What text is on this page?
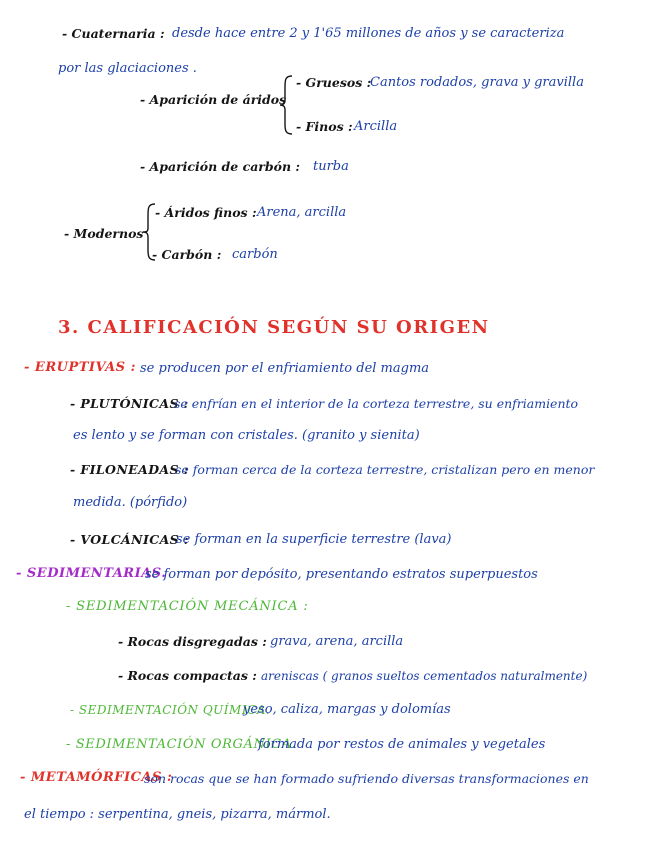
- Cuaternaria : desde hace entre 2 y 1'65 millones de años y se caracteriza
por las glaciaciones .
- Aparición de áridos
- Gruesos :
Cantos rodados, grava y gravilla
- Finos : Arcilla
- Aparición de carbón : turba
- Modernos
- Áridos finos : Arena, arcilla
- Carbón : carbón
3. CALIFICACIÓN SEGÚN SU ORIGEN
- ERUPTIVAS : se producen por el enfriamiento del magma
- PLUTÓNICAS :
se enfrían en el interior de la corteza terrestre, su enfriamiento
es lento y se forman con cristales. (granito y sienita)
- FILONEADAS :
se forman cerca de la corteza terrestre, cristalizan pero en menor
medida. (pórfido)
- VOLCÁNICAS :
se forman en la superficie terrestre (lava)
- SEDIMENTARIAS.
se forman por depósito, presentando estratos superpuestos
- SEDIMENTACIÓN MECÁNICA :
- Rocas disgregadas : grava, arena, arcilla
- Rocas compactas : areniscas ( granos sueltos cementados naturalmente)
- SEDIMENTACIÓN QUÍMICA.
yeso, caliza, margas y dolomías
- SEDIMENTACIÓN ORGÁNICA.
formada por restos de animales y vegetales
- METAMÓRFICAS :
son rocas que se han formado sufriendo diversas transformaciones en
el tiempo : serpentina, gneis, pizarra, mármol.
